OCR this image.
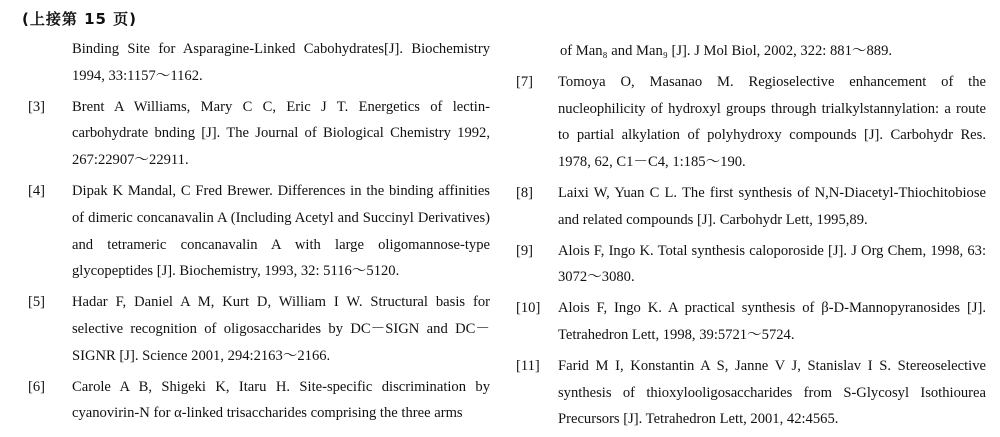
(上接第 15 页)
Binding Site for Asparagine-Linked Cabohydrates[J]. Biochemistry 1994, 33:1157～1162.
[3] Brent A Williams, Mary C C, Eric J T. Energetics of lectin-carbohydrate bnding [J]. The Journal of Biological Chemistry 1992, 267:22907～22911.
[4] Dipak K Mandal, C Fred Brewer. Differences in the binding affinities of dimeric concanavalin A (Including Acetyl and Succinyl Derivatives) and tetrameric concanavalin A with large oligomannose-type glycopeptides [J]. Biochemistry, 1993, 32: 5116～5120.
[5] Hadar F, Daniel A M, Kurt D, William I W. Structural basis for selective recognition of oligosaccharides by DC－SIGN and DC－SIGNR [J]. Science 2001, 294:2163～2166.
[6] Carole A B, Shigeki K, Itaru H. Site-specific discrimination by cyanovirin-N for α-linked trisaccharides comprising the three arms
of Man₈ and Man₉ [J]. J Mol Biol, 2002, 322: 881～889.
[7] Tomoya O, Masanao M. Regioselective enhancement of the nucleophilicity of hydroxyl groups through trialkylstannylation: a route to partial alkylation of polyhydroxy compounds [J]. Carbohydr Res. 1978, 62, C1－C4, 1:185～190.
[8] Laixi W, Yuan C L. The first synthesis of N,N-Diacetyl-Thiochitobiose and related compounds [J]. Carbohydr Lett, 1995,89.
[9] Alois F, Ingo K. Total synthesis caloporoside [J]. J Org Chem, 1998, 63: 3072～3080.
[10] Alois F, Ingo K. A practical synthesis of β-D-Mannopyranosides [J]. Tetrahedron Lett, 1998, 39:5721～5724.
[11] Farid M I, Konstantin A S, Janne V J, Stanislav I S. Stereoselective synthesis of thioxylooligosaccharides from S-Glycosyl Isothiourea Precursors [J]. Tetrahedron Lett, 2001, 42:4565.
